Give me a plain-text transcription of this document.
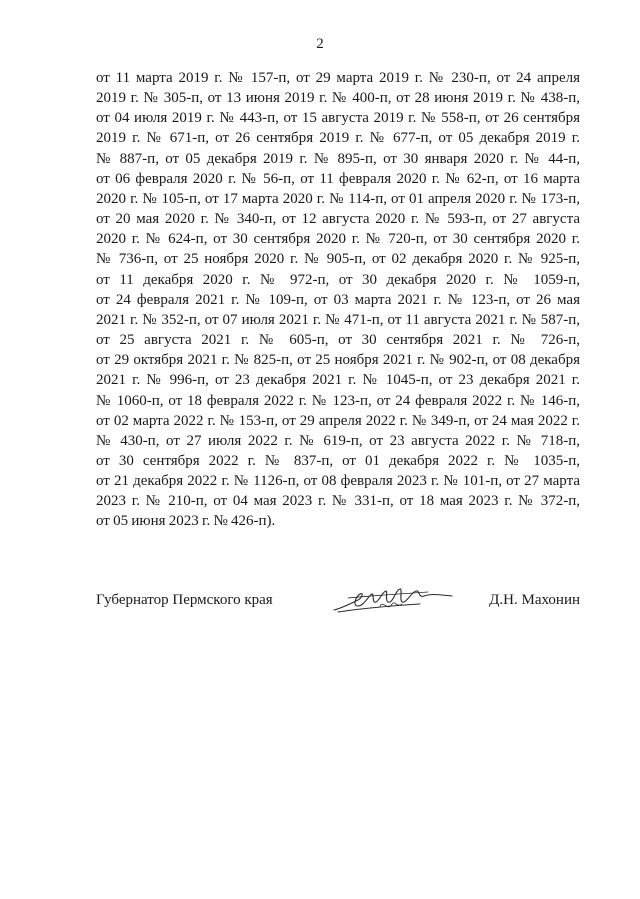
2

от 11 марта 2019 г. № 157-п, от 29 марта 2019 г. № 230-п, от 24 апреля
2019 г. № 305-п, от 13 июня 2019 г. № 400-п, от 28 июня 2019 г. № 438-п,
от 04 июля 2019 г. № 443-п, от 15 августа 2019 г. № 558-п, от 26 сентября
2019 г. № 671-п, от 26 сентября 2019 г. № 677-п, от 05 декабря 2019 г.
№ 887-п, от 05 декабря 2019 г. № 895-п, от 30 января 2020 г. № 44-п,
от 06 февраля 2020 г. № 56-п, от 11 февраля 2020 г. № 62-п, от 16 марта
2020 г. № 105-п, от 17 марта 2020 г. № 114-п, от 01 апреля 2020 г. № 173-п,
от 20 мая 2020 г. № 340-п, от 12 августа 2020 г. № 593-п, от 27 августа
2020 г. № 624-п, от 30 сентября 2020 г. № 720-п, от 30 сентября 2020 г.
№ 736-п, от 25 ноября 2020 г. № 905-п, от 02 декабря 2020 г. № 925-п,
от 11 декабря 2020 г. № 972-п, от 30 декабря 2020 г. № 1059-п,
от 24 февраля 2021 г. № 109-п, от 03 марта 2021 г. № 123-п, от 26 мая
2021 г. № 352-п, от 07 июля 2021 г. № 471-п, от 11 августа 2021 г. № 587-п,
от 25 августа 2021 г. № 605-п, от 30 сентября 2021 г. № 726-п,
от 29 октября 2021 г. № 825-п, от 25 ноября 2021 г. № 902-п, от 08 декабря
2021 г. № 996-п, от 23 декабря 2021 г. № 1045-п, от 23 декабря 2021 г.
№ 1060-п, от 18 февраля 2022 г. № 123-п, от 24 февраля 2022 г. № 146-п,
от 02 марта 2022 г. № 153-п, от 29 апреля 2022 г. № 349-п, от 24 мая 2022 г.
№ 430-п, от 27 июля 2022 г. № 619-п, от 23 августа 2022 г. № 718-п,
от 30 сентября 2022 г. № 837-п, от 01 декабря 2022 г. № 1035-п,
от 21 декабря 2022 г. № 1126-п, от 08 февраля 2023 г. № 101-п, от 27 марта
2023 г. № 210-п, от 04 мая 2023 г. № 331-п, от 18 мая 2023 г. № 372-п,
от 05 июня 2023 г. № 426-п).

Губернатор Пермского края	Д.Н. Махонин
